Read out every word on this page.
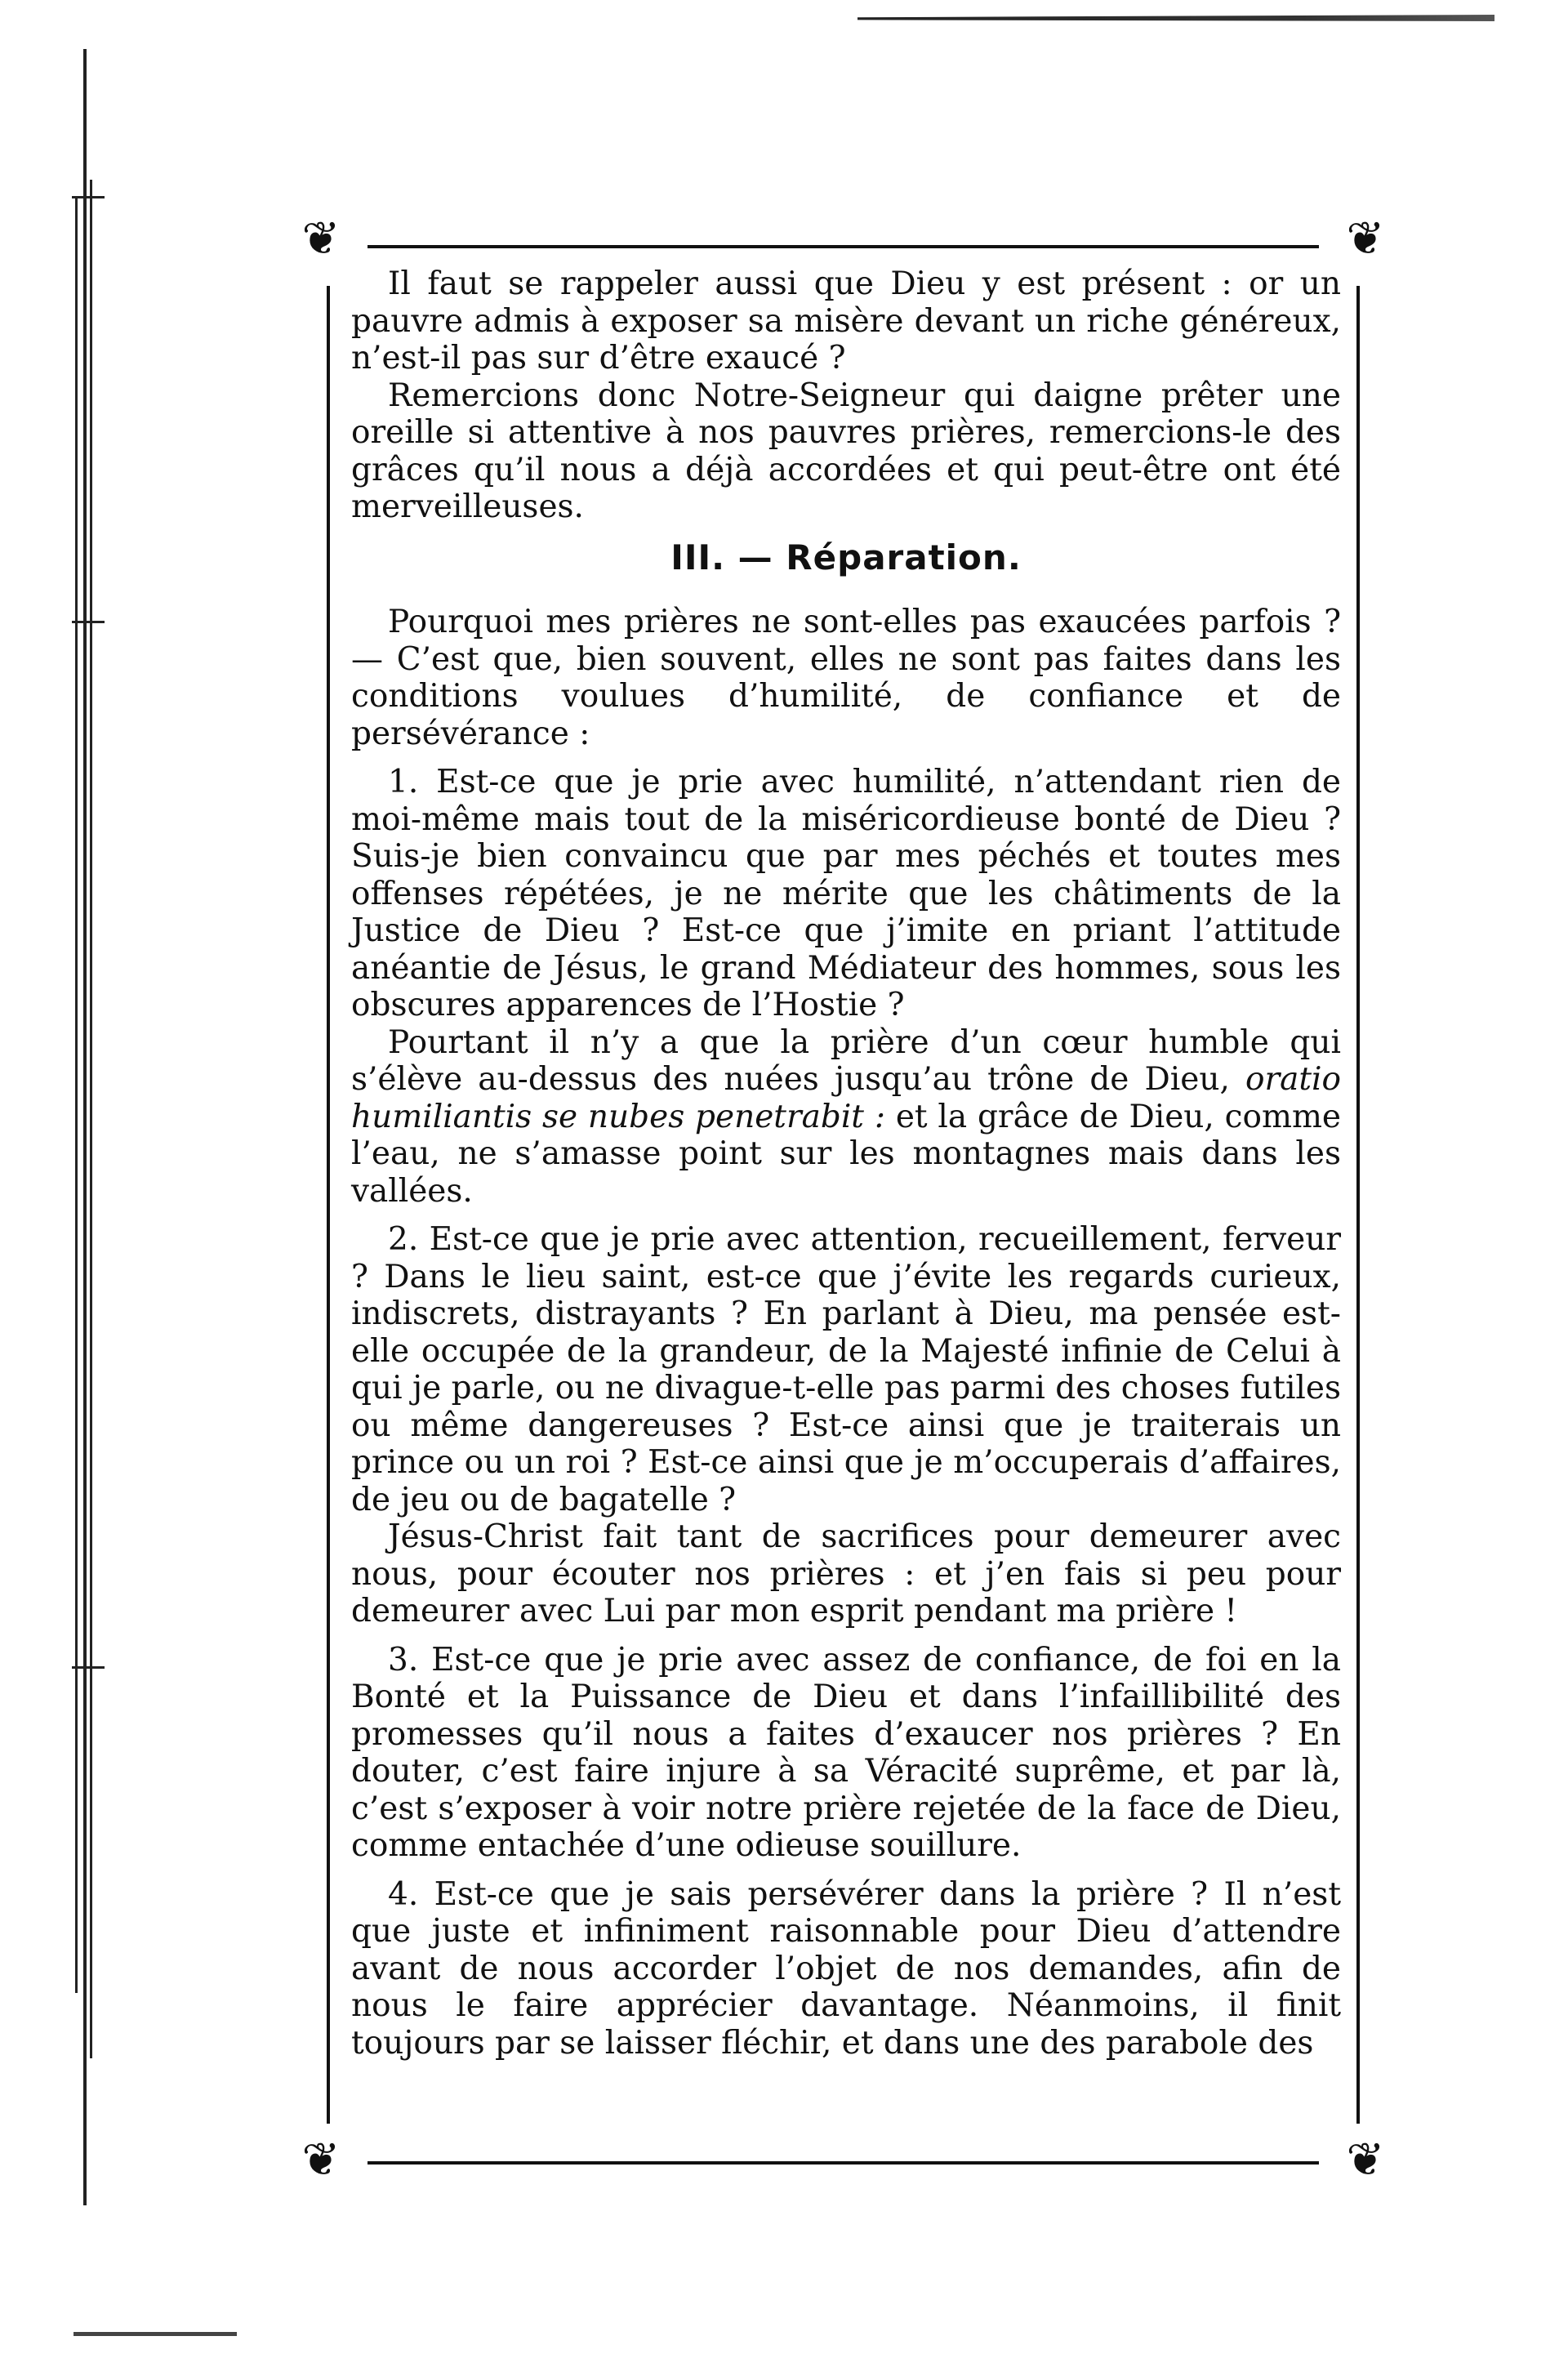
❦	❦
❦	❦

Il faut se rappeler aussi que Dieu y est présent : or un pauvre admis à exposer sa misère devant un riche généreux, n’est-il pas sur d’être exaucé ?

Remercions donc Notre-Seigneur qui daigne prêter une oreille si attentive à nos pauvres prières, remercions-le des grâces qu’il nous a déjà accordées et qui peut-être ont été merveilleuses.

III. — Réparation.

Pourquoi mes prières ne sont-elles pas exaucées parfois ? — C’est que, bien souvent, elles ne sont pas faites dans les conditions voulues d’humilité, de confiance et de persévérance :

1. Est-ce que je prie avec humilité, n’attendant rien de moi-même mais tout de la miséricordieuse bonté de Dieu ? Suis-je bien convaincu que par mes péchés et toutes mes offenses répétées, je ne mérite que les châtiments de la Justice de Dieu ? Est-ce que j’imite en priant l’attitude anéantie de Jésus, le grand Médiateur des hommes, sous les obscures apparences de l’Hostie ?

Pourtant il n’y a que la prière d’un cœur humble qui s’élève au-dessus des nuées jusqu’au trône de Dieu, oratio humiliantis se nubes penetrabit : et la grâce de Dieu, comme l’eau, ne s’amasse point sur les montagnes mais dans les vallées.

2. Est-ce que je prie avec attention, recueillement, ferveur ? Dans le lieu saint, est-ce que j’évite les regards curieux, indiscrets, distrayants ? En parlant à Dieu, ma pensée est-elle occupée de la grandeur, de la Majesté infinie de Celui à qui je parle, ou ne divague-t-elle pas parmi des choses futiles ou même dangereuses ? Est-ce ainsi que je traiterais un prince ou un roi ? Est-ce ainsi que je m’occuperais d’affaires, de jeu ou de bagatelle ?

Jésus-Christ fait tant de sacrifices pour demeurer avec nous, pour écouter nos prières : et j’en fais si peu pour demeurer avec Lui par mon esprit pendant ma prière !

3. Est-ce que je prie avec assez de confiance, de foi en la Bonté et la Puissance de Dieu et dans l’infaillibilité des promesses qu’il nous a faites d’exaucer nos prières ? En douter, c’est faire injure à sa Véracité suprême, et par là, c’est s’exposer à voir notre prière rejetée de la face de Dieu, comme entachée d’une odieuse souillure.

4. Est-ce que je sais persévérer dans la prière ? Il n’est que juste et infiniment raisonnable pour Dieu d’attendre avant de nous accorder l’objet de nos demandes, afin de nous le faire apprécier davantage. Néanmoins, il finit toujours par se laisser fléchir, et dans une des parabole des
